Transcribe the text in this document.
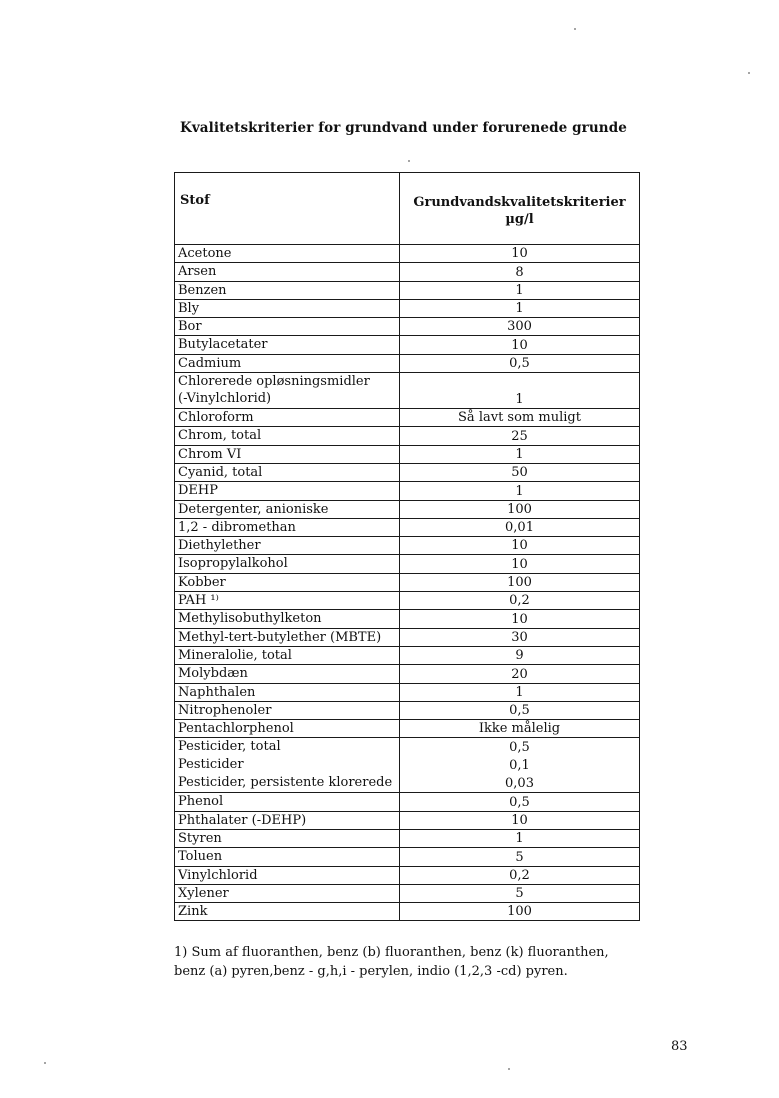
Kvalitetskriterier for grundvand under forurenede grunde
Stof	Grundvandskvalitetskriterier
µg/l
Acetone	10
Arsen	8
Benzen	1
Bly	1
Bor	300
Butylacetater	10
Cadmium	0,5
Chlorerede opløsningsmidler
(-Vinylchlorid)	1
Chloroform	Så lavt som muligt
Chrom, total	25
Chrom VI	1
Cyanid, total	50
DEHP	1
Detergenter, anioniske	100
1,2 - dibromethan	0,01
Diethylether	10
Isopropylalkohol	10
Kobber	100
PAH ¹⁾	0,2
Methylisobuthylketon	10
Methyl-tert-butylether (MBTE)	30
Mineralolie, total	9
Molybdæn	20
Naphthalen	1
Nitrophenoler	0,5
Pentachlorphenol	Ikke målelig
Pesticider, total	0,5
Pesticider	0,1
Pesticider, persistente klorerede	0,03
Phenol	0,5
Phthalater (-DEHP)	10
Styren	1
Toluen	5
Vinylchlorid	0,2
Xylener	5
Zink	100
1) Sum af fluoranthen, benz (b) fluoranthen, benz (k) fluoranthen, benz (a) pyren,benz - g,h,i - perylen, indio (1,2,3 -cd) pyren.
83
